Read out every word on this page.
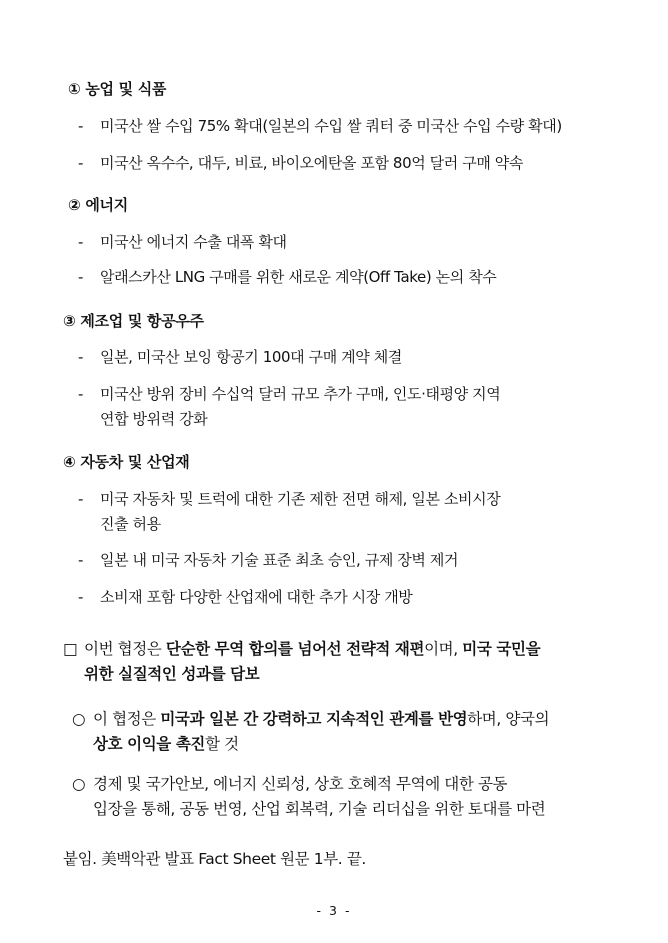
① 농업 및 식품
- 미국산 쌀 수입 75% 확대(일본의 수입 쌀 쿼터 중 미국산 수입 수량 확대)
- 미국산 옥수수, 대두, 비료, 바이오에탄올 포함 80억 달러 구매 약속
② 에너지
- 미국산 에너지 수출 대폭 확대
- 알래스카산 LNG 구매를 위한 새로운 계약(Off Take) 논의 착수
③ 제조업 및 항공우주
- 일본, 미국산 보잉 항공기 100대 구매 계약 체결
- 미국산 방위 장비 수십억 달러 규모 추가 구매, 인도·태평양 지역
연합 방위력 강화
④ 자동차 및 산업재
- 미국 자동차 및 트럭에 대한 기존 제한 전면 해제, 일본 소비시장
진출 허용
- 일본 내 미국 자동차 기술 표준 최초 승인, 규제 장벽 제거
- 소비재 포함 다양한 산업재에 대한 추가 시장 개방
□ 이번 협정은 단순한 무역 합의를 넘어선 전략적 재편이며, 미국 국민을
위한 실질적인 성과를 담보
○ 이 협정은 미국과 일본 간 강력하고 지속적인 관계를 반영하며, 양국의
상호 이익을 촉진할 것
○ 경제 및 국가안보, 에너지 신뢰성, 상호 호혜적 무역에 대한 공동
입장을 통해, 공동 번영, 산업 회복력, 기술 리더십을 위한 토대를 마련
붙임. 美백악관 발표 Fact Sheet 원문 1부. 끝.
- 3 -
